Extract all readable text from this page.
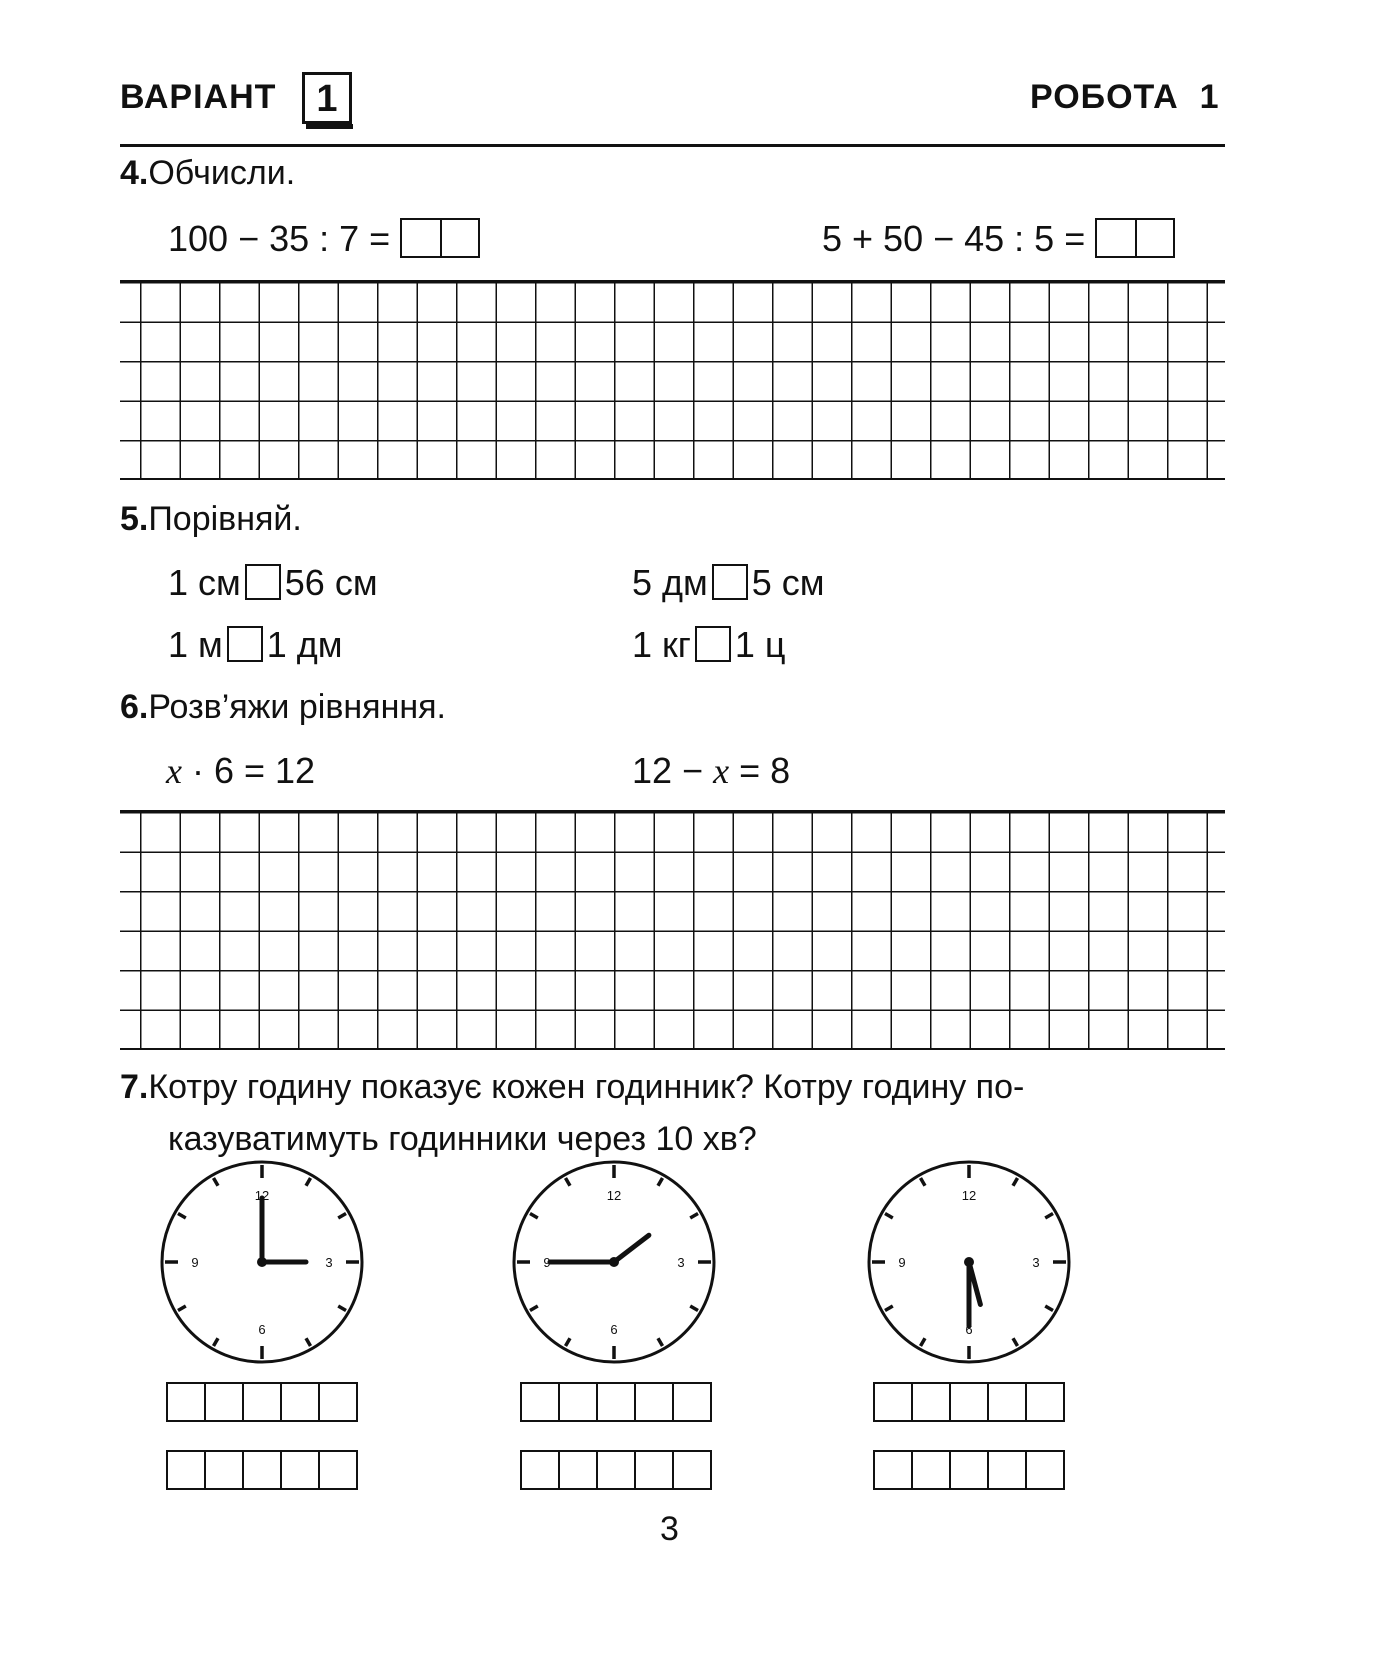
ВАРІАНТ	1	РОБОТА  1
4.Обчисли.
100 − 35 : 7 =	5 + 50 − 45 : 5 =
5.Порівняй.
1 см 56 см	5 дм 5 см
1 м 1 дм	1 кг 1 ц
6.Розв’яжи рівняння.
x · 6 = 12	12 − x = 8
7.Котру годину показує кожен годинник? Котру годину по-
казуватимуть годинники через 10 хв?
12
3
6
9
12
3
6
9
12
3
6
9
3
